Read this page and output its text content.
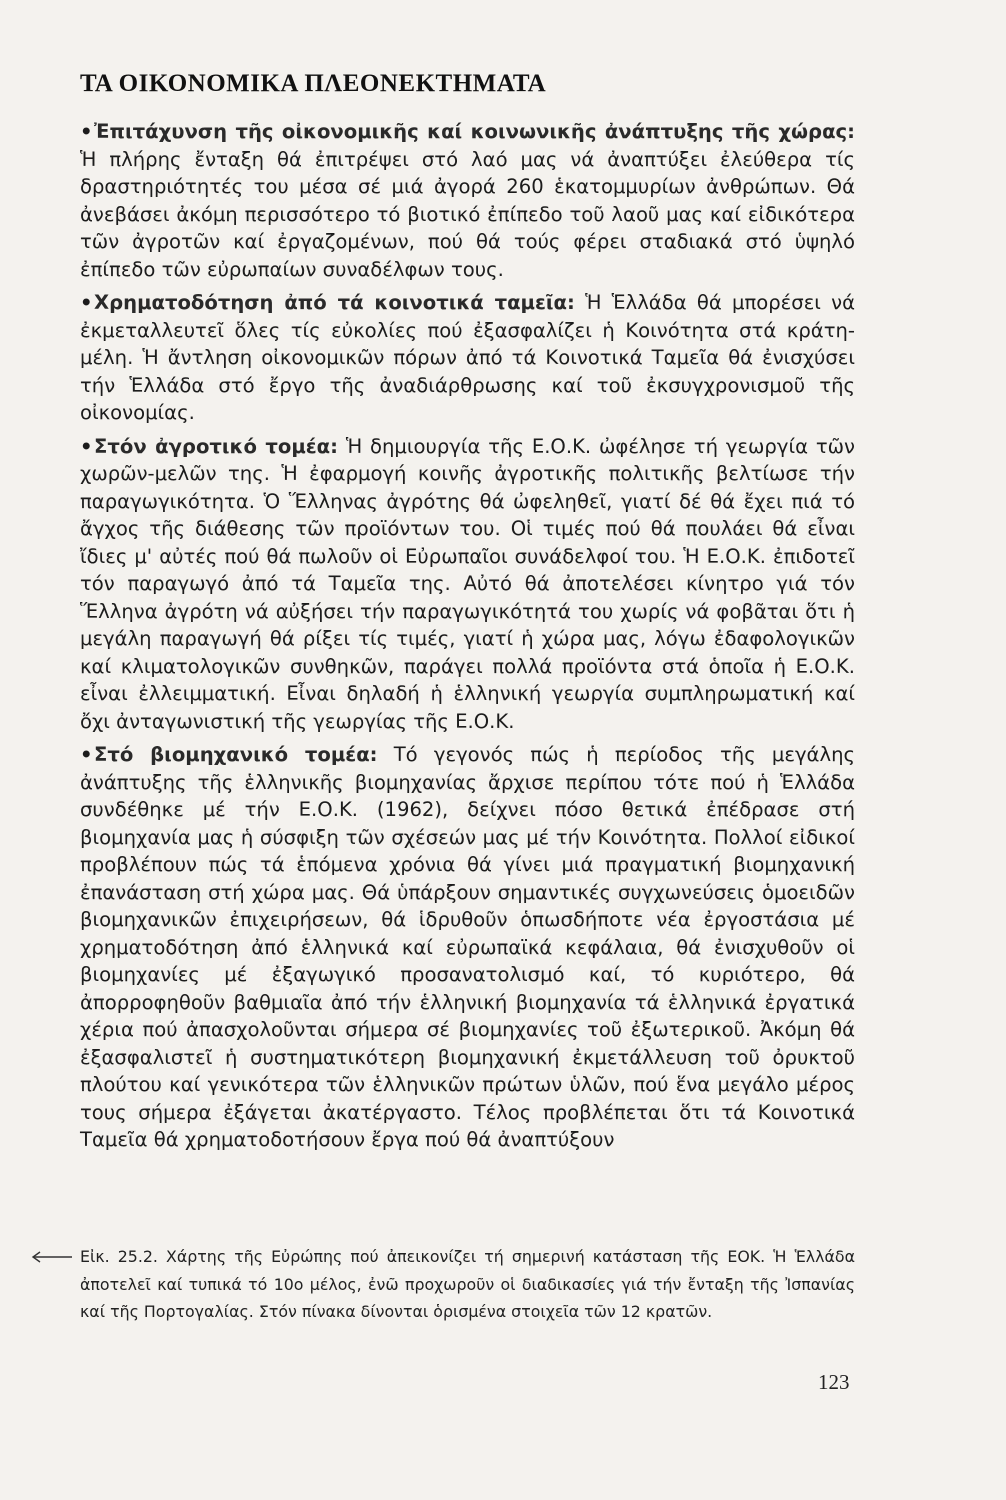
ΤΑ ΟΙΚΟΝΟΜΙΚΑ ΠΛΕΟΝΕΚΤΗΜΑΤΑ

•Ἐπιτάχυνση τῆς οἰκονομικῆς καί κοινωνικῆς ἀνάπτυξης τῆς χώρας: Ἡ πλήρης ἔνταξη θά ἐπιτρέψει στό λαό μας νά ἀναπτύξει ἐλεύθερα τίς δραστηριότητές του μέσα σέ μιά ἀγορά 260 ἑκατομμυρίων ἀνθρώπων. Θά ἀνεβάσει ἀκόμη περισσότερο τό βιοτικό ἐπίπεδο τοῦ λαοῦ μας καί εἰδικότερα τῶν ἀγροτῶν καί ἐργαζομένων, πού θά τούς φέρει σταδιακά στό ὑψηλό ἐπίπεδο τῶν εὐρωπαίων συναδέλφων τους.

•Χρηματοδότηση ἀπό τά κοινοτικά ταμεῖα: Ἡ Ἑλλάδα θά μπορέσει νά ἐκμεταλλευτεῖ ὅλες τίς εὐκολίες πού ἐξασφαλίζει ἡ Κοινότητα στά κράτη-μέλη. Ἡ ἄντληση οἰκονομικῶν πόρων ἀπό τά Κοινοτικά Ταμεῖα θά ἐνισχύσει τήν Ἑλλάδα στό ἔργο τῆς ἀναδιάρθρωσης καί τοῦ ἐκσυγχρονισμοῦ τῆς οἰκονομίας.

•Στόν ἀγροτικό τομέα: Ἡ δημιουργία τῆς Ε.Ο.Κ. ὠφέλησε τή γεωργία τῶν χωρῶν-μελῶν της. Ἡ ἐφαρμογή κοινῆς ἀγροτικῆς πολιτικῆς βελτίωσε τήν παραγωγικότητα. Ὁ Ἕλληνας ἀγρότης θά ὠφεληθεῖ, γιατί δέ θά ἔχει πιά τό ἄγχος τῆς διάθεσης τῶν προϊόντων του. Οἱ τιμές πού θά πουλάει θά εἶναι ἴδιες μ' αὐτές πού θά πωλοῦν οἱ Εὐρωπαῖοι συνάδελφοί του. Ἡ Ε.Ο.Κ. ἐπιδοτεῖ τόν παραγωγό ἀπό τά Ταμεῖα της. Αὐτό θά ἀποτελέσει κίνητρο γιά τόν Ἕλληνα ἀγρότη νά αὐξήσει τήν παραγωγικότητά του χωρίς νά φοβᾶται ὅτι ἡ μεγάλη παραγωγή θά ρίξει τίς τιμές, γιατί ἡ χώρα μας, λόγω ἐδαφολογικῶν καί κλιματολογικῶν συνθηκῶν, παράγει πολλά προϊόντα στά ὁποῖα ἡ Ε.Ο.Κ. εἶναι ἐλλειμματική. Εἶναι δηλαδή ἡ ἑλληνική γεωργία συμπληρωματική καί ὄχι ἀνταγωνιστική τῆς γεωργίας τῆς Ε.Ο.Κ.

•Στό βιομηχανικό τομέα: Τό γεγονός πώς ἡ περίοδος τῆς μεγάλης ἀνάπτυξης τῆς ἑλληνικῆς βιομηχανίας ἄρχισε περίπου τότε πού ἡ Ἑλλάδα συνδέθηκε μέ τήν Ε.Ο.Κ. (1962), δείχνει πόσο θετικά ἐπέδρασε στή βιομηχανία μας ἡ σύσφιξη τῶν σχέσεών μας μέ τήν Κοινότητα. Πολλοί εἰδικοί προβλέπουν πώς τά ἑπόμενα χρόνια θά γίνει μιά πραγματική βιομηχανική ἐπανάσταση στή χώρα μας. Θά ὑπάρξουν σημαντικές συγχωνεύσεις ὁμοειδῶν βιομηχανικῶν ἐπιχειρήσεων, θά ἱδρυθοῦν ὁπωσδήποτε νέα ἐργοστάσια μέ χρηματοδότηση ἀπό ἑλληνικά καί εὐρωπαϊκά κεφάλαια, θά ἐνισχυθοῦν οἱ βιομηχανίες μέ ἐξαγωγικό προσανατολισμό καί, τό κυριότερο, θά ἀπορροφηθοῦν βαθμιαῖα ἀπό τήν ἑλληνική βιομηχανία τά ἑλληνικά ἐργατικά χέρια πού ἀπασχολοῦνται σήμερα σέ βιομηχανίες τοῦ ἐξωτερικοῦ. Ἀκόμη θά ἐξασφαλιστεῖ ἡ συστηματικότερη βιομηχανική ἐκμετάλλευση τοῦ ὀρυκτοῦ πλούτου καί γενικότερα τῶν ἑλληνικῶν πρώτων ὑλῶν, πού ἕνα μεγάλο μέρος τους σήμερα ἐξάγεται ἀκατέργαστο. Τέλος προβλέπεται ὅτι τά Κοινοτικά Ταμεῖα θά χρηματοδοτήσουν ἔργα πού θά ἀναπτύξουν

Εἰκ. 25.2. Χάρτης τῆς Εὐρώπης πού ἀπεικονίζει τή σημερινή κατάσταση τῆς ΕΟΚ. Ἡ Ἑλλάδα ἀποτελεῖ καί τυπικά τό 10ο μέλος, ἐνῶ προχωροῦν οἱ διαδικασίες γιά τήν ἔνταξη τῆς Ἰσπανίας καί τῆς Πορτογαλίας. Στόν πίνακα δίνονται ὁρισμένα στοιχεῖα τῶν 12 κρατῶν.
123
